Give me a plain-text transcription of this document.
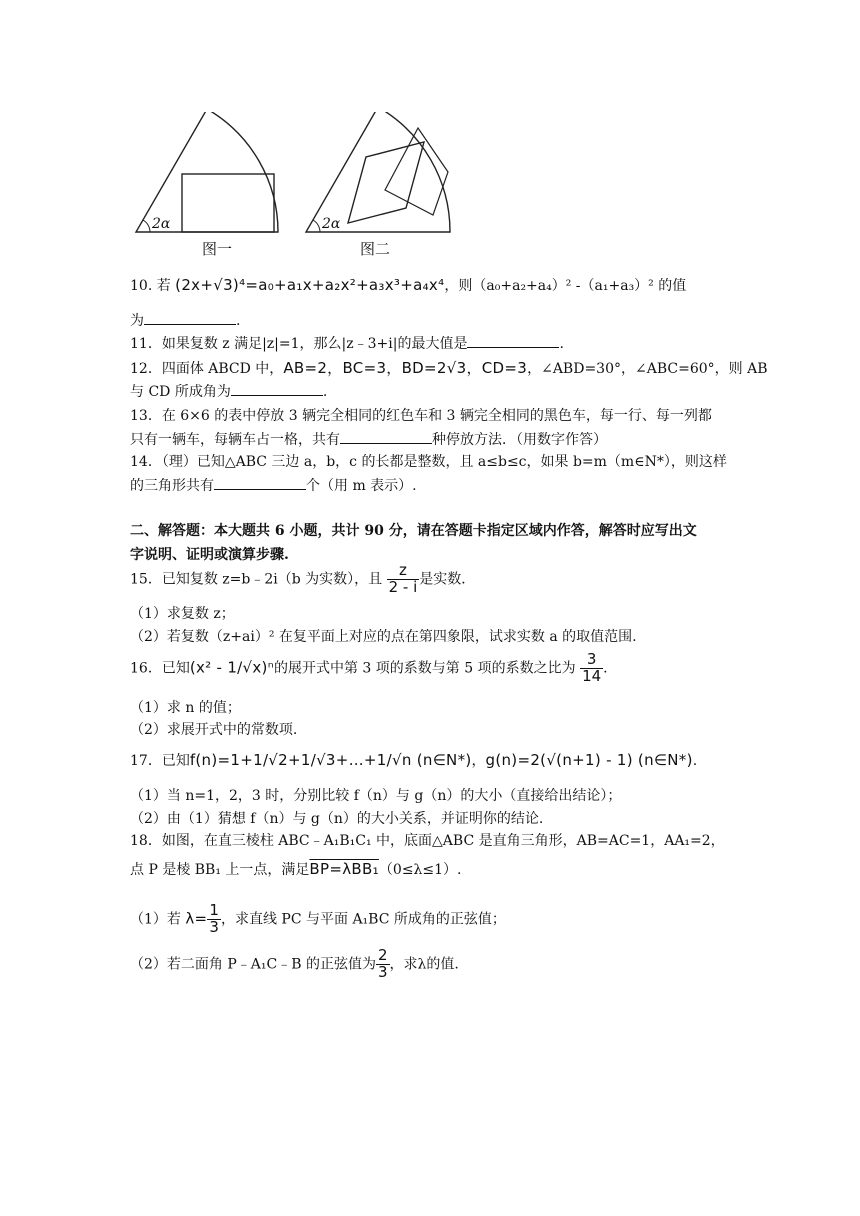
2α
图一
2α
图二
10. 若 (2x+√3)⁴=a₀+a₁x+a₂x²+a₃x³+a₄x⁴，则（a₀+a₂+a₄）² -（a₁+a₃）² 的值
为	.
11．如果复数 z 满足|z|=1，那么|z﹣3+i|的最大值是	.
12．四面体 ABCD 中，AB=2，BC=3，BD=2√3，CD=3，∠ABD=30°，∠ABC=60°，则 AB
与 CD 所成角为	.
13．在 6×6 的表中停放 3 辆完全相同的红色车和 3 辆完全相同的黑色车，每一行、每一列都
只有一辆车，每辆车占一格，共有	种停放方法．（用数字作答）
14．（理）已知△ABC 三边 a，b，c 的长都是整数，且 a≤b≤c，如果 b=m（m∈N*），则这样
的三角形共有	个（用 m 表示）.
二、解答题：本大题共 6 小题，共计 90 分，请在答题卡指定区域内作答，解答时应写出文
字说明、证明或演算步骤.
15．已知复数 z=b﹣2i（b 为实数），且 $\frac{z}{2 - i}$ 是实数．
（1）求复数 z；
（2）若复数（z+ai）² 在复平面上对应的点在第四象限，试求实数 a 的取值范围.
16．已知(x² - 1/√x)ⁿ的展开式中第 3 项的系数与第 5 项的系数之比为 $\frac{3}{14}$ .
（1）求 n 的值；
（2）求展开式中的常数项.
17．已知f(n)=1+1/√2+1/√3+…+1/√n (n∈N*)，g(n)=2(√(n+1) - 1) (n∈N*).
（1）当 n=1，2，3 时，分别比较 f（n）与 g（n）的大小（直接给出结论）；
（2）由（1）猜想 f（n）与 g（n）的大小关系，并证明你的结论.
18．如图，在直三棱柱 ABC﹣A₁B₁C₁ 中，底面△ABC 是直角三角形，AB=AC=1，AA₁=2，
点 P 是棱 BB₁ 上一点，满足BP=λBB₁（0≤λ≤1）.
（1）若 $\lambda= \frac{1}{3}$ ，求直线 PC 与平面 A₁BC 所成角的正弦值；
（2）若二面角 P﹣A₁C﹣B 的正弦值为 $\frac{2}{3}$ ，求λ的值.
